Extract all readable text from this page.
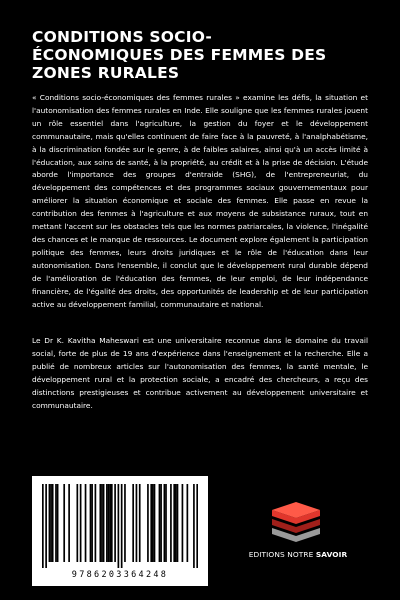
CONDITIONS SOCIO-
ÉCONOMIQUES DES FEMMES DES
ZONES RURALES

« Conditions socio-économiques des femmes rurales » examine les défis, la situation et l'autonomisation des femmes rurales en Inde. Elle souligne que les femmes rurales jouent un rôle essentiel dans l'agriculture, la gestion du foyer et le développement communautaire, mais qu'elles continuent de faire face à la pauvreté, à l'analphabétisme, à la discrimination fondée sur le genre, à de faibles salaires, ainsi qu'à un accès limité à l'éducation, aux soins de santé, à la propriété, au crédit et à la prise de décision. L'étude aborde l'importance des groupes d'entraide (SHG), de l'entrepreneuriat, du développement des compétences et des programmes sociaux gouvernementaux pour améliorer la situation économique et sociale des femmes. Elle passe en revue la contribution des femmes à l'agriculture et aux moyens de subsistance ruraux, tout en mettant l'accent sur les obstacles tels que les normes patriarcales, la violence, l'inégalité des chances et le manque de ressources. Le document explore également la participation politique des femmes, leurs droits juridiques et le rôle de l'éducation dans leur autonomisation. Dans l'ensemble, il conclut que le développement rural durable dépend de l'amélioration de l'éducation des femmes, de leur emploi, de leur indépendance financière, de l'égalité des droits, des opportunités de leadership et de leur participation active au développement familial, communautaire et national.

Le Dr K. Kavitha Maheswari est une universitaire reconnue dans le domaine du travail social, forte de plus de 19 ans d'expérience dans l'enseignement et la recherche. Elle a publié de nombreux articles sur l'autonomisation des femmes, la santé mentale, le développement rural et la protection sociale, a encadré des chercheurs, a reçu des distinctions prestigieuses et contribue activement au développement universitaire et communautaire.

9786203364248

EDITIONS NOTRE SAVOIR
